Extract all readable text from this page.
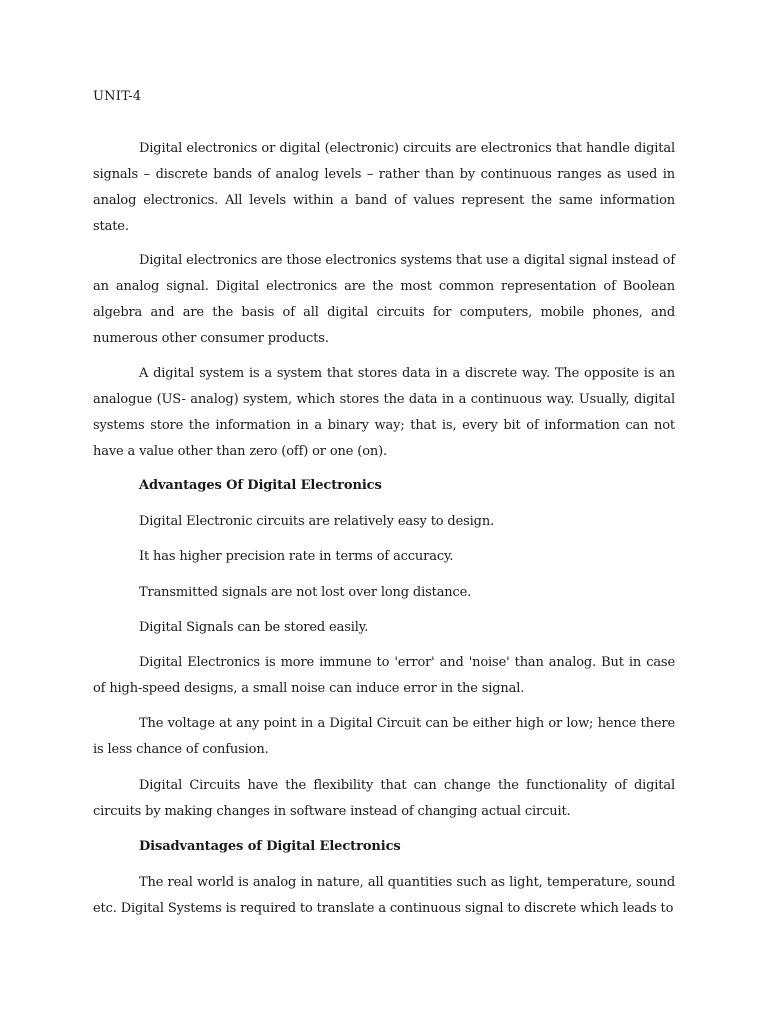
UNIT-4

Digital electronics or digital (electronic) circuits are electronics that handle digital signals – discrete bands of analog levels – rather than by continuous ranges as used in analog electronics. All levels within a band of values represent the same information state.

Digital electronics are those electronics systems that use a digital signal instead of an analog signal. Digital electronics are the most common representation of Boolean algebra and are the basis of all digital circuits for computers, mobile phones, and numerous other consumer products.

A digital system is a system that stores data in a discrete way. The opposite is an analogue (US- analog) system, which stores the data in a continuous way. Usually, digital systems store the information in a binary way; that is, every bit of information can not have a value other than zero (off) or one (on).

Advantages Of Digital Electronics

Digital Electronic circuits are relatively easy to design.

It has higher precision rate in terms of accuracy.

Transmitted signals are not lost over long distance.

Digital Signals can be stored easily.

Digital Electronics is more immune to 'error' and 'noise' than analog. But in case of high-speed designs, a small noise can induce error in the signal.

The voltage at any point in a Digital Circuit can be either high or low; hence there is less chance of confusion.

Digital Circuits have the flexibility that can change the functionality of digital circuits by making changes in software instead of changing actual circuit.

Disadvantages of Digital Electronics

The real world is analog in nature, all quantities such as light, temperature, sound etc. Digital Systems is required to translate a continuous signal to discrete which leads to
